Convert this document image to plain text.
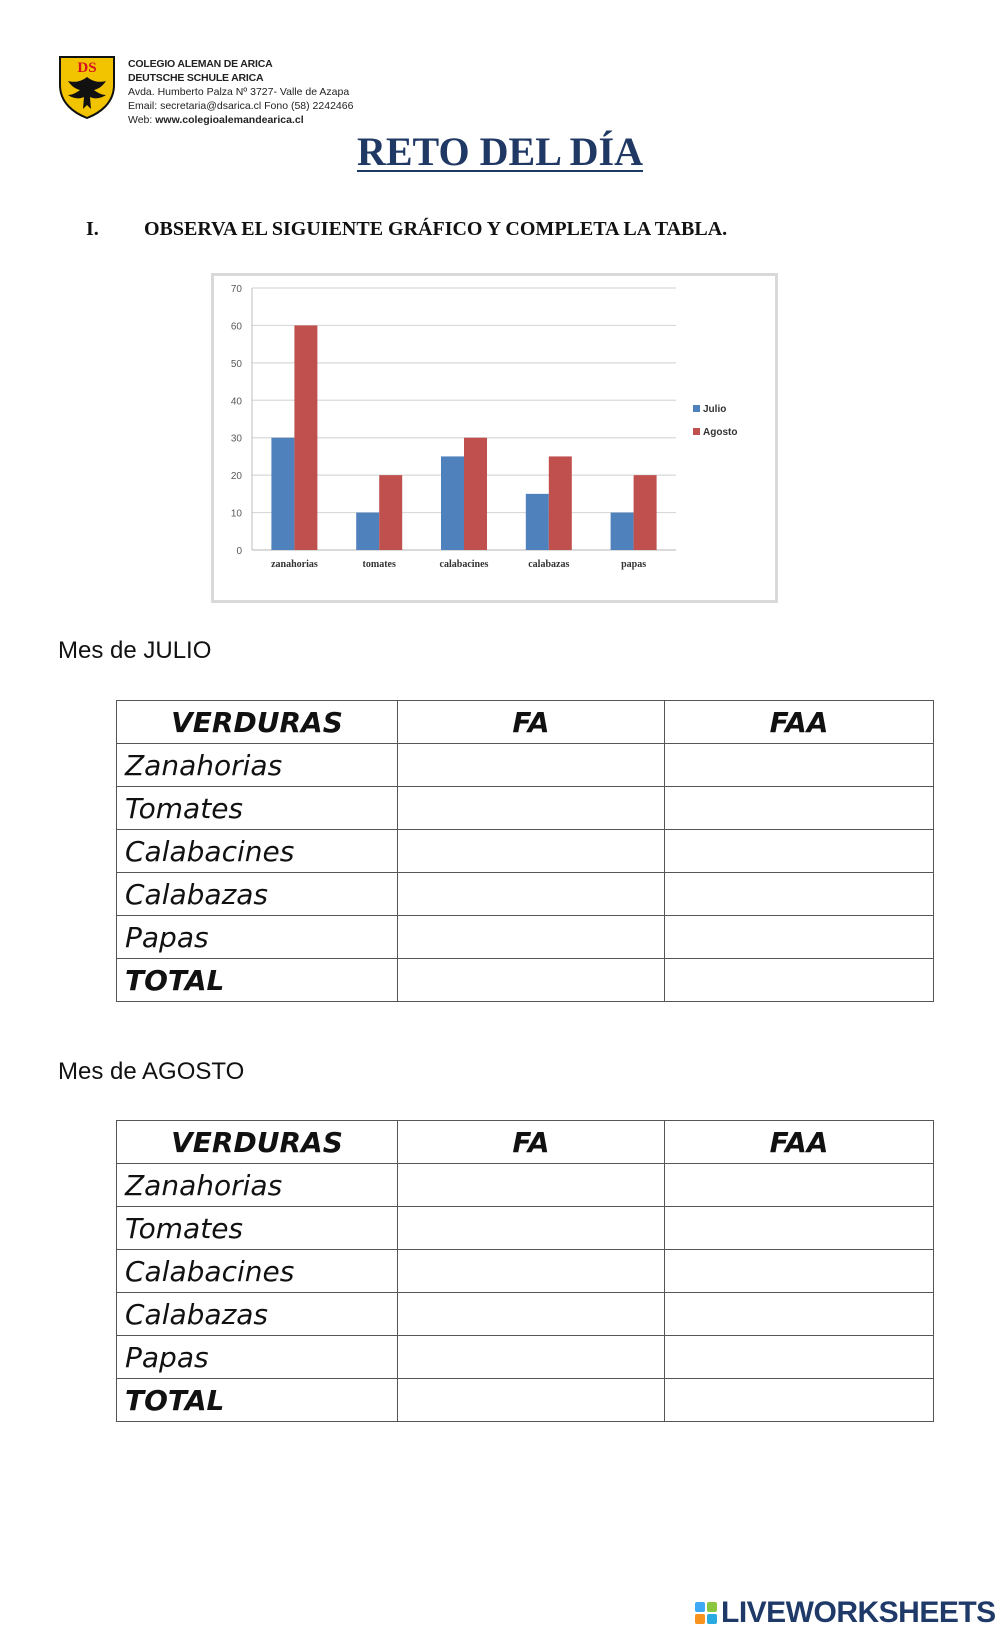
DS	COLEGIO ALEMAN DE ARICA
DEUTSCHE SCHULE ARICA
Avda. Humberto Palza Nº 3727- Valle de Azapa
Email: secretaria@dsarica.cl Fono (58) 2242466
Web: www.colegioalemandearica.cl
RETO DEL DÍA
I. OBSERVA EL SIGUIENTE GRÁFICO Y COMPLETA LA TABLA.
0
10
20
30
40
50
60
70
zanahorias	tomates	calabacines	calabazas	papas
Julio
Agosto
Mes de JULIO
VERDURAS	FA	FAA
Zanahorias		
Tomates		
Calabacines		
Calabazas		
Papas		
TOTAL		
Mes de AGOSTO
VERDURAS	FA	FAA
Zanahorias		
Tomates		
Calabacines		
Calabazas		
Papas		
TOTAL		
LIVEWORKSHEETS
